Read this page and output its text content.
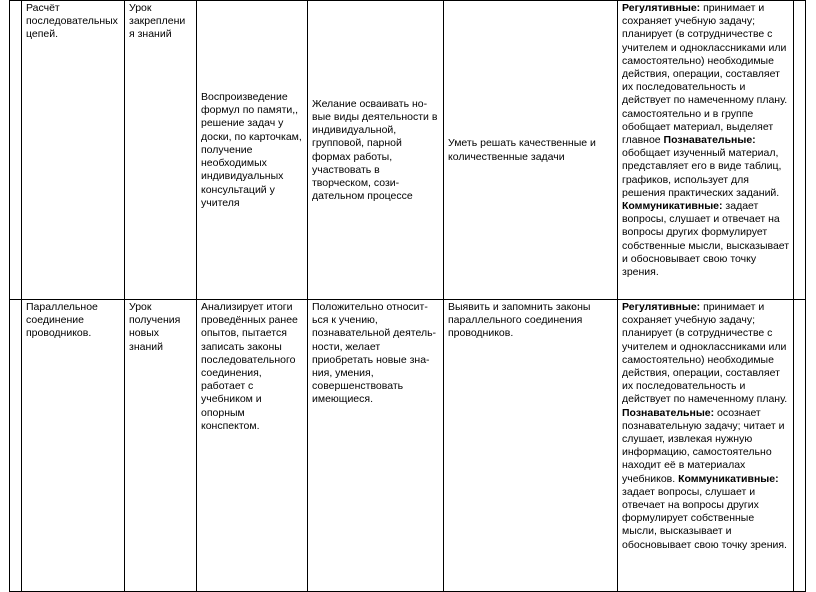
	Расчёт последовательных цепей.	Урок закреплени я знаний	Воспроизведение формул по памяти,, решение задач у доски, по карточкам, получение необходимых индивидуальных консультаций у учителя	Желание осваивать но-вые виды деятельности в индивидуальной, групповой, парной формах работы, участвовать в творческом, сози-дательном процессе	Уметь решать качественные и количественные задачи	Регулятивные: принимает и сохраняет учебную задачу; планирует (в сотрудничестве с учителем и одноклассниками или самостоятельно) необходимые действия, операции, составляет их последовательность и действует по намеченному плану. самостоятельно и в группе обобщает материал, выделяет главное Познавательные: обобщает изученный материал, представляет его в виде таблиц, графиков, использует для решения практических заданий. Коммуникативные: задает вопросы, слушает и отвечает на вопросы других формулирует собственные мысли, высказывает и обосновывает свою точку зрения.	
	Параллельное соединение проводников.	Урок получения новых знаний	Анализирует итоги проведённых ранее опытов, пытается записать законы последовательного соединения, работает с учебником и опорным конспектом.	Положительно относит-ься к учению, познавательной деятель-ности, желает приобретать новые зна-ния, умения, совершенствовать имеющиеся.	Выявить и запомнить законы параллельного соединения проводников.	Регулятивные: принимает и сохраняет учебную задачу; планирует (в сотрудничестве с учителем и одноклассниками или самостоятельно) необходимые действия, операции, составляет их последовательность и действует по намеченному плану. Познавательные: осознает познавательную задачу; читает и слушает, извлекая нужную информацию, самостоятельно находит её в материалах учебников. Коммуникативные: задает вопросы, слушает и отвечает на вопросы других формулирует собственные мысли, высказывает и обосновывает свою точку зрения.	
